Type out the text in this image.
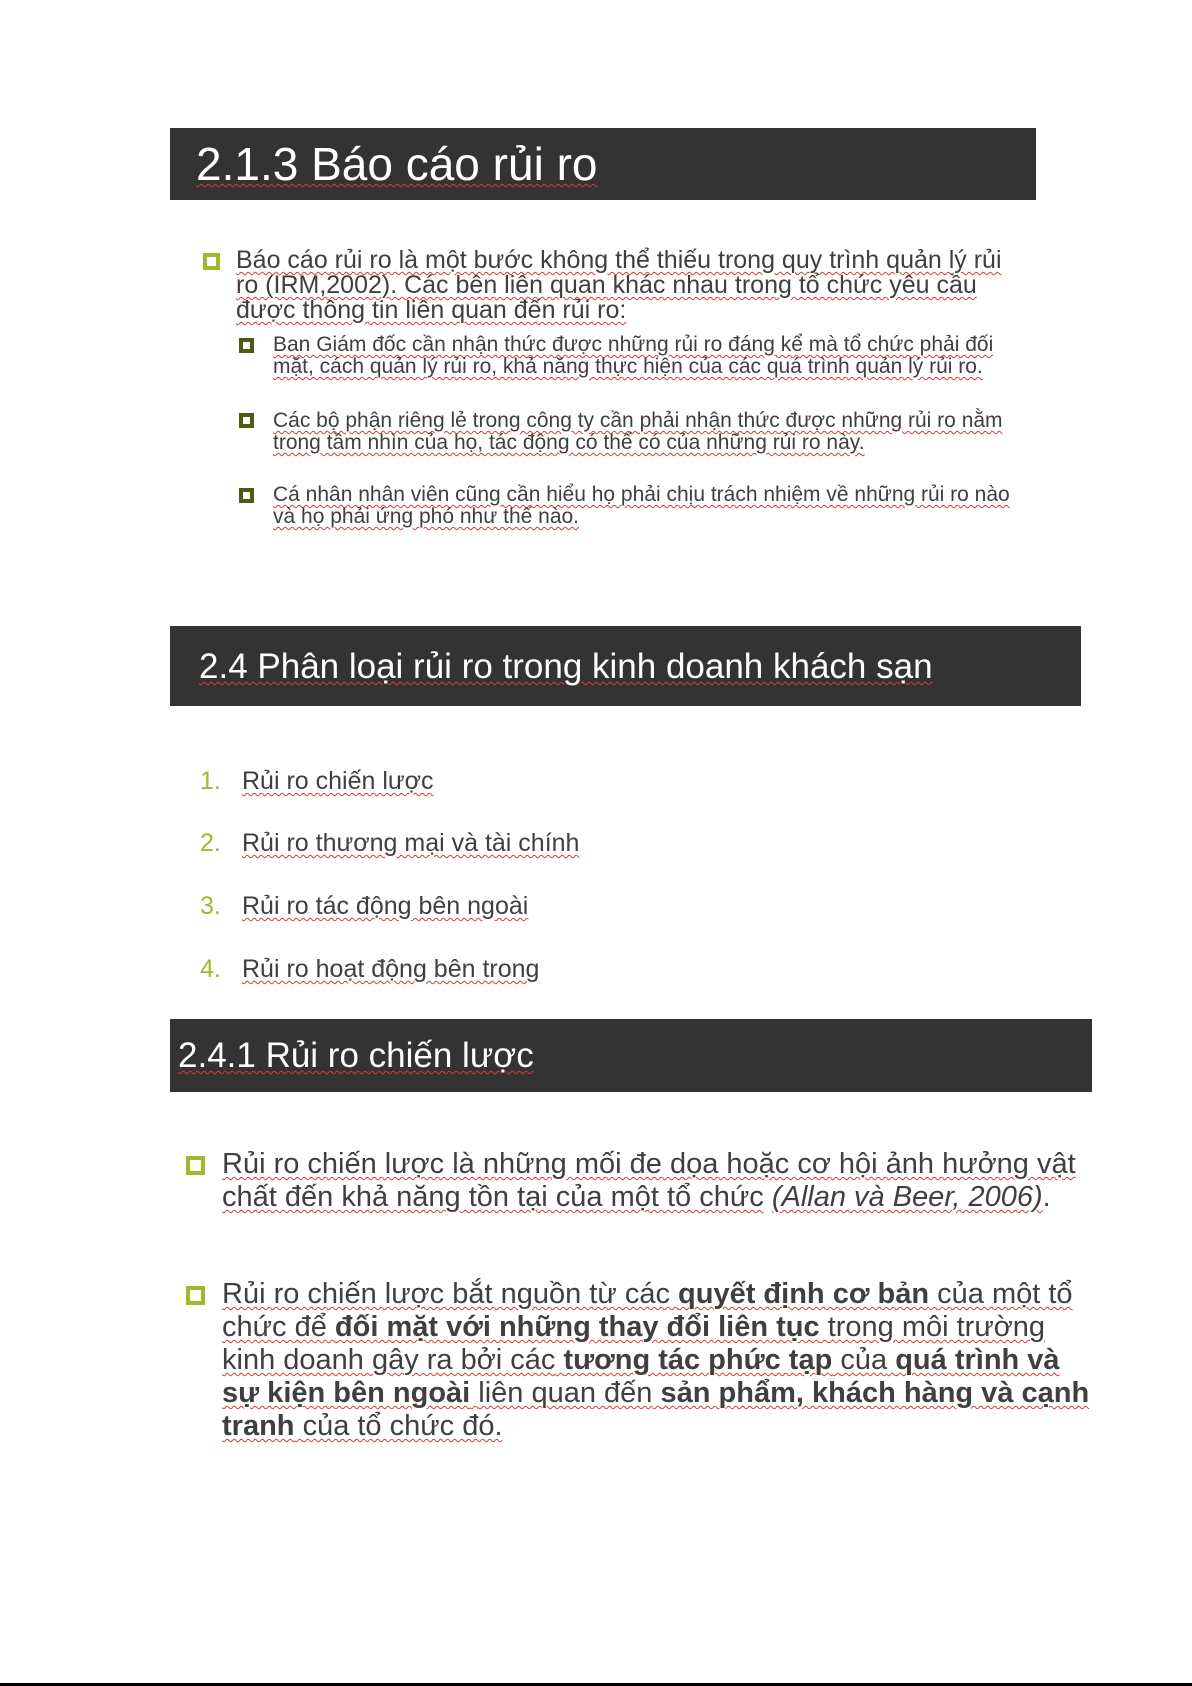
2.1.3 Báo cáo rủi ro

Báo cáo rủi ro là một bước không thể thiếu trong quy trình quản lý rủi ro (IRM,2002). Các bên liên quan khác nhau trong tổ chức yêu cầu được thông tin liên quan đến rủi ro:

Ban Giám đốc cần nhận thức được những rủi ro đáng kể mà tổ chức phải đối mặt, cách quản lý rủi ro, khả năng thực hiện của các quá trình quản lý rủi ro.

Các bộ phận riêng lẻ trong công ty cần phải nhận thức được những rủi ro nằm trong tầm nhìn của họ, tác động có thể có của những rủi ro này.

Cá nhân nhân viên cũng cần hiểu họ phải chịu trách nhiệm về những rủi ro nào và họ phải ứng phó như thế nào.

2.4 Phân loại rủi ro trong kinh doanh khách sạn
1. Rủi ro chiến lược
2. Rủi ro thương mại và tài chính
3. Rủi ro tác động bên ngoài
4. Rủi ro hoạt động bên trong
2.4.1 Rủi ro chiến lược

Rủi ro chiến lược là những mối đe dọa hoặc cơ hội ảnh hưởng vật chất đến khả năng tồn tại của một tổ chức (Allan và Beer, 2006).

Rủi ro chiến lược bắt nguồn từ các quyết định cơ bản của một tổ chức để đối mặt với những thay đổi liên tục trong môi trường kinh doanh gây ra bởi các tương tác phức tạp của quá trình và sự kiện bên ngoài liên quan đến sản phẩm, khách hàng và cạnh tranh của tổ chức đó.
